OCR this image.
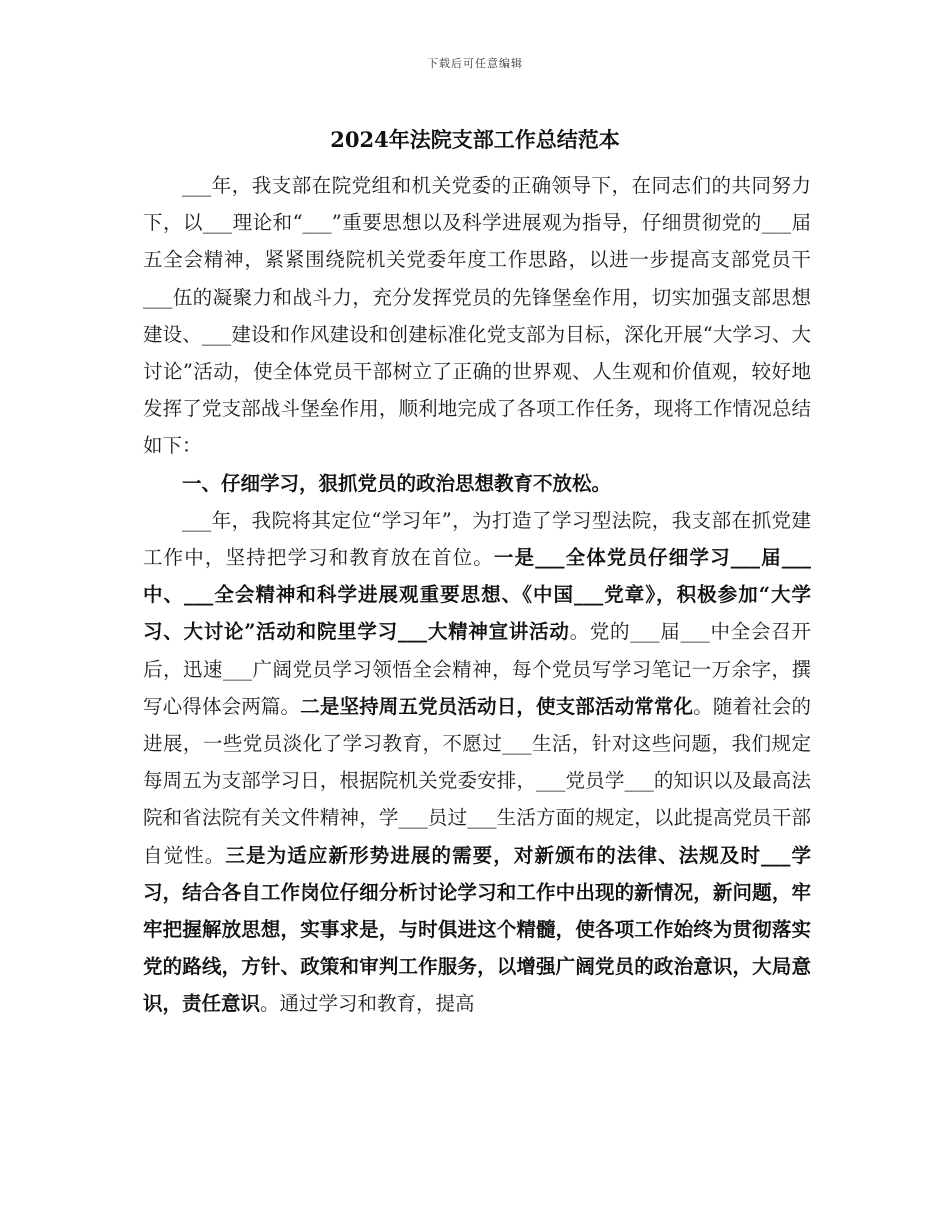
下载后可任意编辑
2024年法院支部工作总结范本

___年，我支部在院党组和机关党委的正确领导下，在同志们的共同努力下，以___理论和“___”重要思想以及科学进展观为指导，仔细贯彻党的___届五全会精神，紧紧围绕院机关党委年度工作思路，以进一步提高支部党员干___伍的凝聚力和战斗力，充分发挥党员的先锋堡垒作用，切实加强支部思想建设、___建设和作风建设和创建标准化党支部为目标，深化开展“大学习、大讨论”活动，使全体党员干部树立了正确的世界观、人生观和价值观，较好地发挥了党支部战斗堡垒作用，顺利地完成了各项工作任务，现将工作情况总结如下：

一、仔细学习，狠抓党员的政治思想教育不放松。

___年，我院将其定位“学习年”，为打造了学习型法院，我支部在抓党建工作中，坚持把学习和教育放在首位。一是___全体党员仔细学习___届___中、___全会精神和科学进展观重要思想、《中国___党章》，积极参加“大学习、大讨论”活动和院里学习___大精神宣讲活动。党的___届___中全会召开后，迅速___广阔党员学习领悟全会精神，每个党员写学习笔记一万余字，撰写心得体会两篇。二是坚持周五党员活动日，使支部活动常常化。随着社会的进展，一些党员淡化了学习教育，不愿过___生活，针对这些问题，我们规定每周五为支部学习日，根据院机关党委安排，___党员学___的知识以及最高法院和省法院有关文件精神，学___员过___生活方面的规定，以此提高党员干部自觉性。三是为适应新形势进展的需要，对新颁布的法律、法规及时___学习，结合各自工作岗位仔细分析讨论学习和工作中出现的新情况，新问题，牢牢把握解放思想，实事求是，与时俱进这个精髓，使各项工作始终为贯彻落实党的路线，方针、政策和审判工作服务，以增强广阔党员的政治意识，大局意识，责任意识。通过学习和教育，提高
